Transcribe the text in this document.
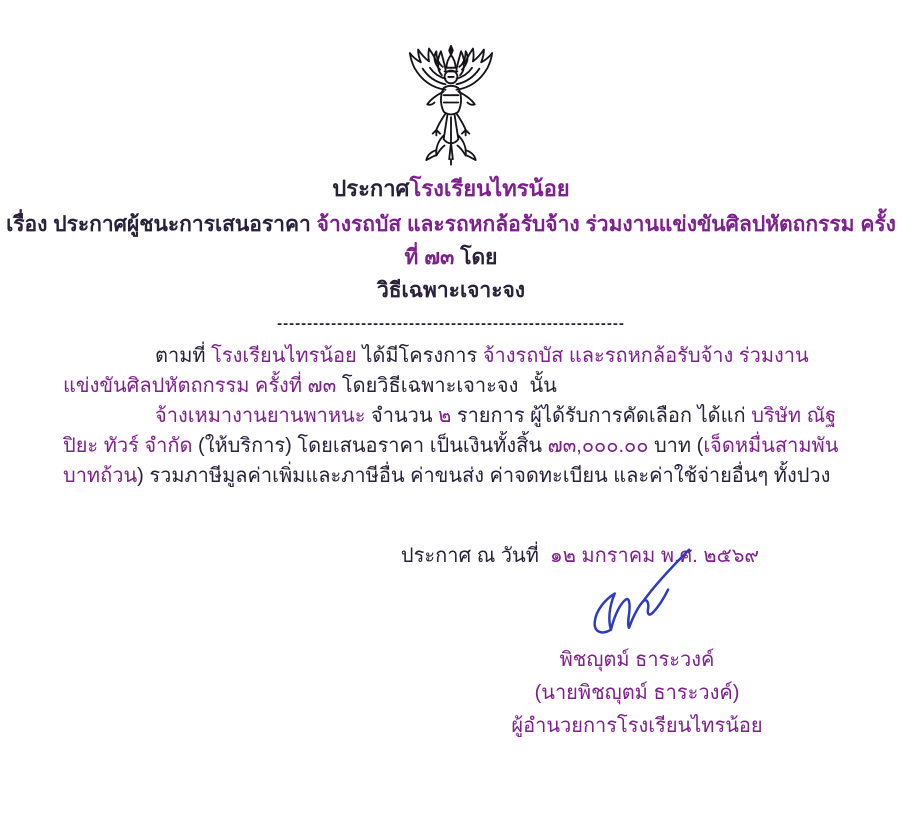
ประกาศโรงเรียนไทรน้อย
เรื่อง ประกาศผู้ชนะการเสนอราคา จ้างรถบัส และรถหกล้อรับจ้าง ร่วมงานแข่งขันศิลปหัตถกรรม ครั้งที่ ๗๓ โดย
วิธีเฉพาะเจาะจง
----------------------------------------------------------

ตามที่ โรงเรียนไทรน้อย ได้มีโครงการ จ้างรถบัส และรถหกล้อรับจ้าง ร่วมงานแข่งขันศิลปหัตถกรรม ครั้งที่ ๗๓ โดยวิธีเฉพาะเจาะจง  นั้น

จ้างเหมางานยานพาหนะ จำนวน ๒ รายการ ผู้ได้รับการคัดเลือก ได้แก่ บริษัท ณัฐปิยะ ทัวร์ จำกัด (ให้บริการ) โดยเสนอราคา เป็นเงินทั้งสิ้น ๗๓,๐๐๐.๐๐ บาท (เจ็ดหมื่นสามพันบาทถ้วน) รวมภาษีมูลค่าเพิ่มและภาษีอื่น ค่าขนส่ง ค่าจดทะเบียน และค่าใช้จ่ายอื่นๆ ทั้งปวง

ประกาศ ณ วันที่  ๑๒ มกราคม พ.ศ. ๒๕๖๙
พิชญุตม์ ธาระวงค์
(นายพิชญุตม์ ธาระวงค์)
ผู้อำนวยการโรงเรียนไทรน้อย
